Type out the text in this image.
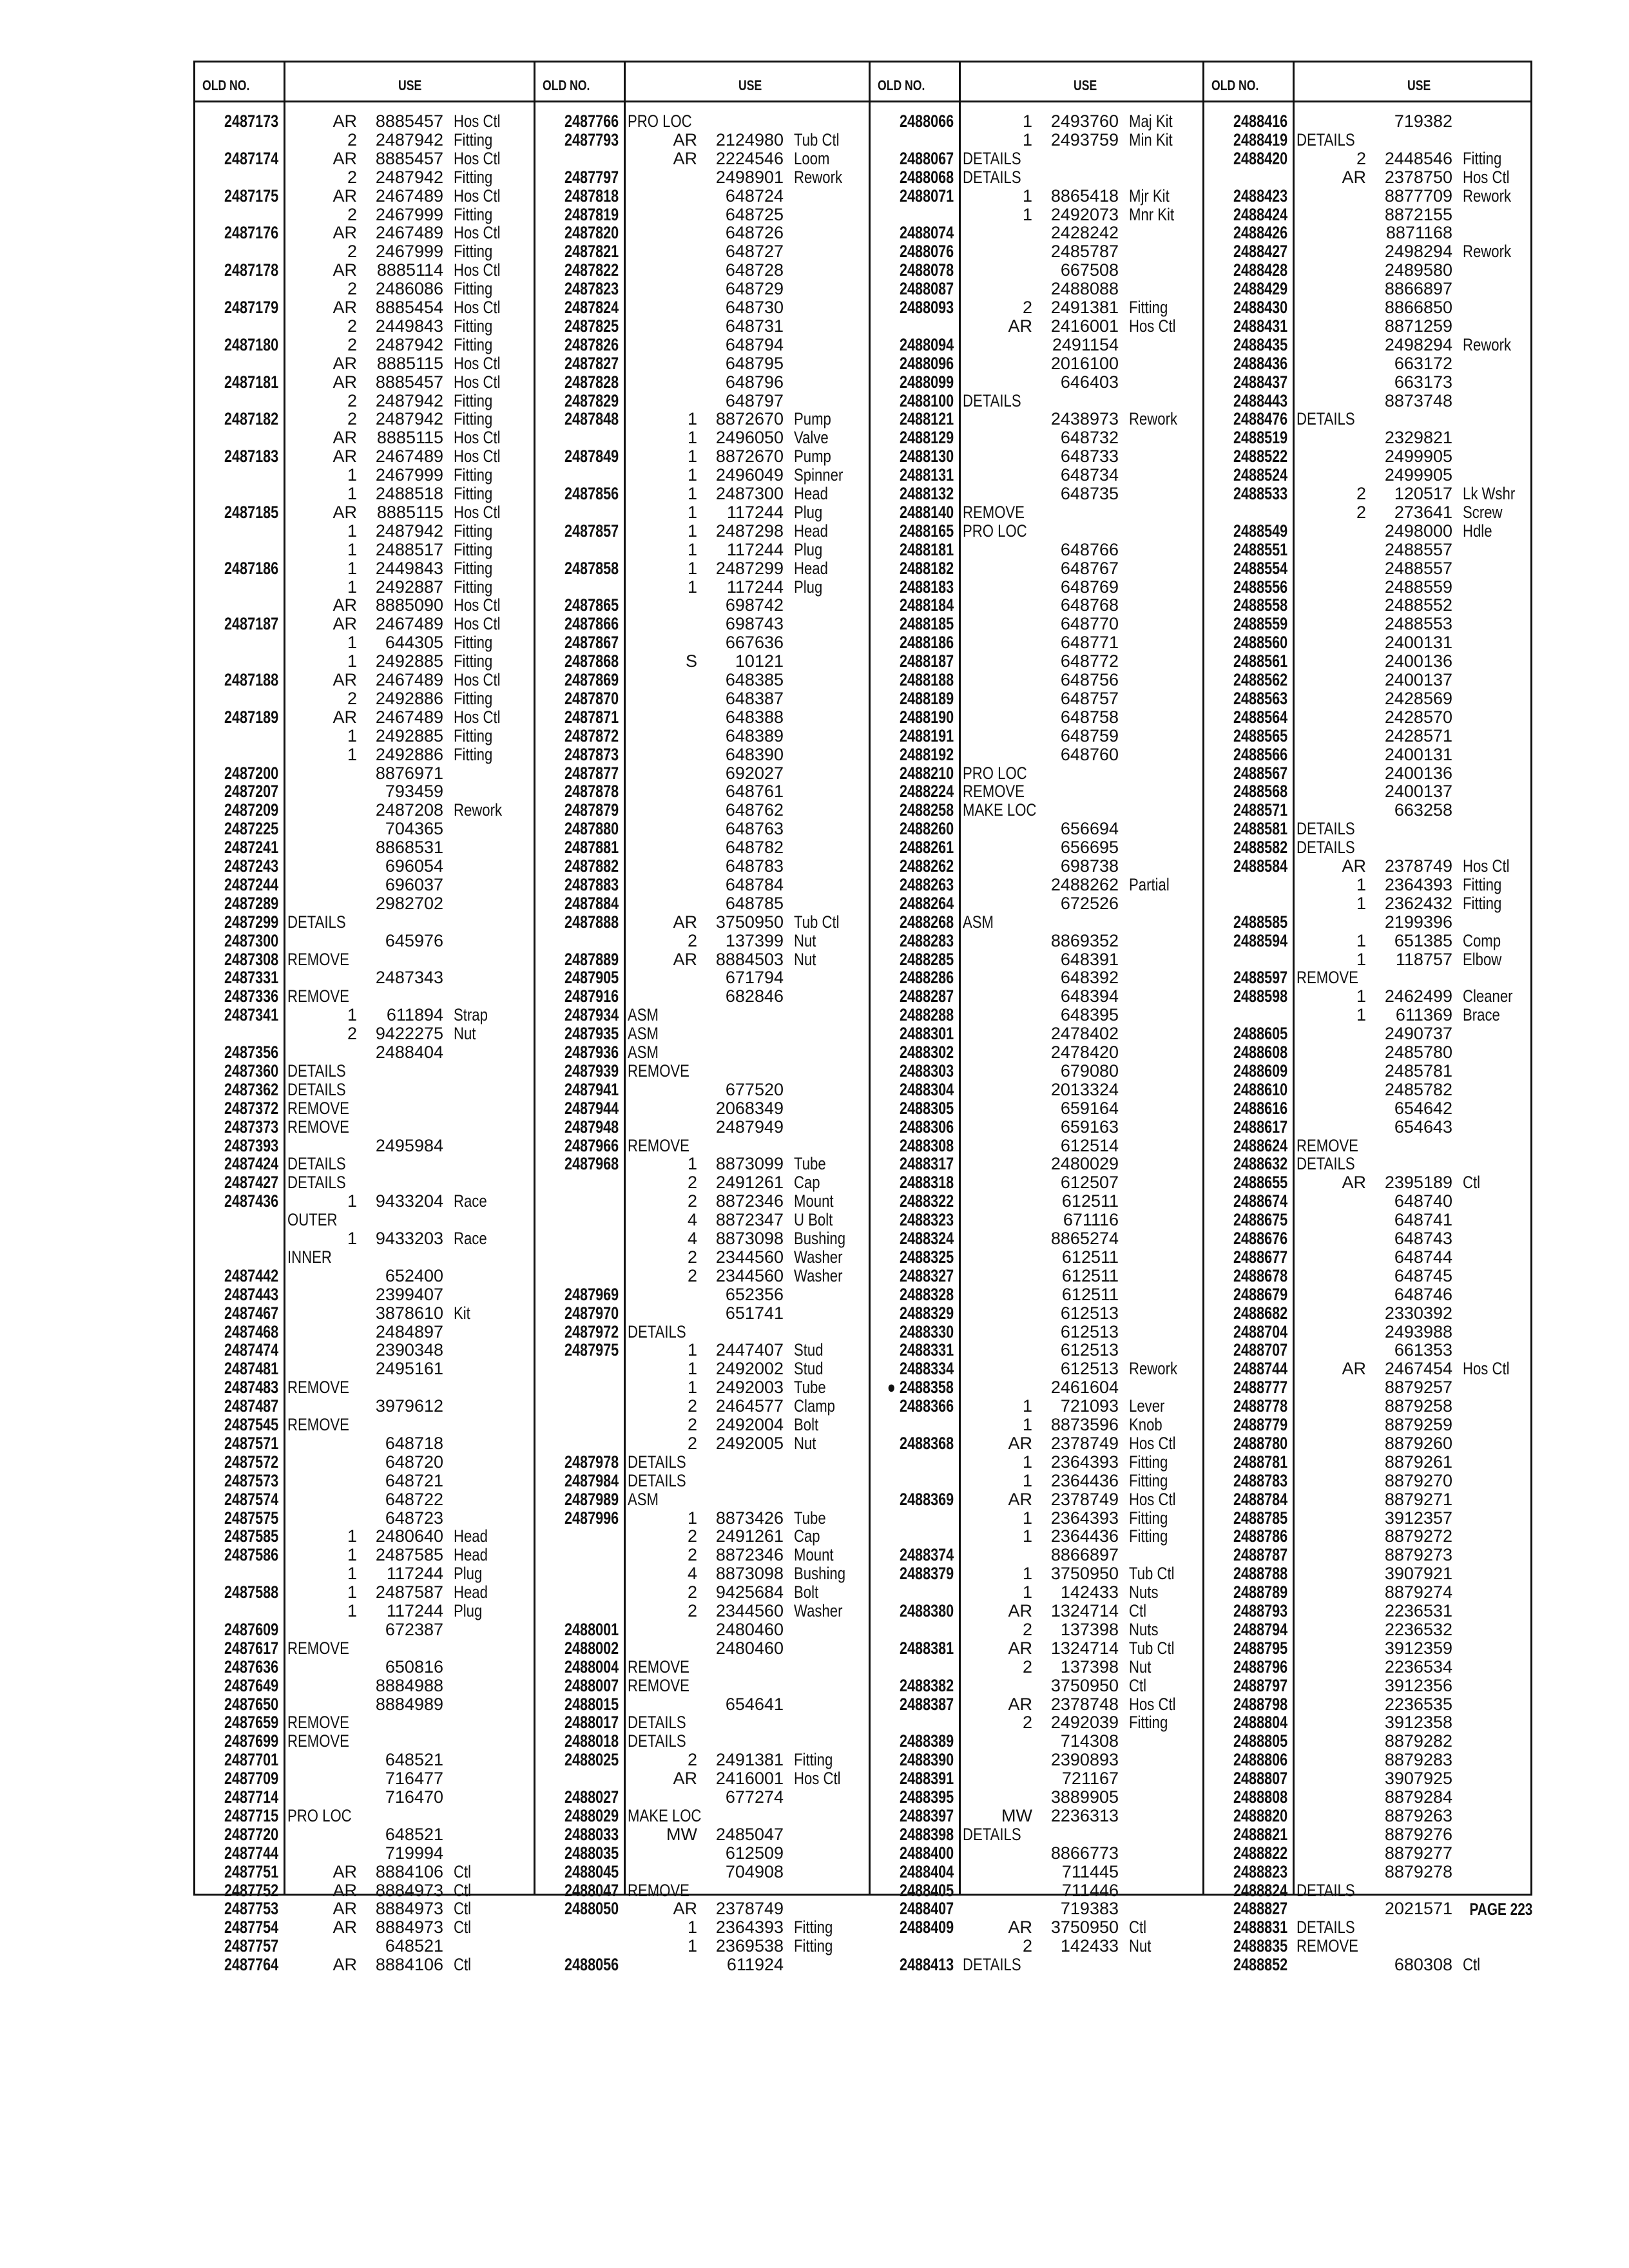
OLD NO.	USE	OLD NO.	USE	OLD NO.	USE	OLD NO.	USE
2487173	AR 8885457 Hos Ctl
2 2487942 Fitting
2487174	AR 8885457 Hos Ctl
2 2487942 Fitting
2487175	AR 2467489 Hos Ctl
2 2467999 Fitting
2487176	AR 2467489 Hos Ctl
2 2467999 Fitting
2487178	AR 8885114 Hos Ctl
2 2486086 Fitting
2487179	AR 8885454 Hos Ctl
2 2449843 Fitting
2487180	2 2487942 Fitting
AR 8885115 Hos Ctl
2487181	AR 8885457 Hos Ctl
2 2487942 Fitting
2487182	2 2487942 Fitting
AR 8885115 Hos Ctl
2487183	AR 2467489 Hos Ctl
1 2467999 Fitting
1 2488518 Fitting
2487185	AR 8885115 Hos Ctl
1 2487942 Fitting
1 2488517 Fitting
2487186	1 2449843 Fitting
1 2492887 Fitting
AR 8885090 Hos Ctl
2487187	AR 2467489 Hos Ctl
1 644305 Fitting
1 2492885 Fitting
2487188	AR 2467489 Hos Ctl
2 2492886 Fitting
2487189	AR 2467489 Hos Ctl
1 2492885 Fitting
1 2492886 Fitting
2487200	8876971
2487207	793459
2487209	2487208 Rework
2487225	704365
2487241	8868531
2487243	696054
2487244	696037
2487289	2982702
2487299 DETAILS
2487300	645976
2487308 REMOVE
2487331	2487343
2487336 REMOVE
2487341	1 611894 Strap
2 9422275 Nut
2487356	2488404
2487360 DETAILS
2487362 DETAILS
2487372 REMOVE
2487373 REMOVE
2487393	2495984
2487424 DETAILS
2487427 DETAILS
2487436	1 9433204 Race
OUTER
1 9433203 Race
INNER
2487442	652400
2487443	2399407
2487467	3878610 Kit
2487468	2484897
2487474	2390348
2487481	2495161
2487483 REMOVE
2487487	3979612
2487545 REMOVE
2487571	648718
2487572	648720
2487573	648721
2487574	648722
2487575	648723
2487585	1 2480640 Head
2487586	1 2487585 Head
1 117244 Plug
2487588	1 2487587 Head
1 117244 Plug
2487609	672387
2487617 REMOVE
2487636	650816
2487649	8884988
2487650	8884989
2487659 REMOVE
2487699 REMOVE
2487701	648521
2487709	716477
2487714	716470
2487715 PRO LOC
2487720	648521
2487744	719994
2487751	AR 8884106 Ctl
2487752	AR 8884973 Ctl
2487753	AR 8884973 Ctl
2487754	AR 8884973 Ctl
2487757	648521
2487764	AR 8884106 Ctl
2487766 PRO LOC
2487793	AR 2124980 Tub Ctl
AR 2224546 Loom
2487797	2498901 Rework
2487818	648724
2487819	648725
2487820	648726
2487821	648727
2487822	648728
2487823	648729
2487824	648730
2487825	648731
2487826	648794
2487827	648795
2487828	648796
2487829	648797
2487848	1 8872670 Pump
1 2496050 Valve
2487849	1 8872670 Pump
1 2496049 Spinner
2487856	1 2487300 Head
1 117244 Plug
2487857	1 2487298 Head
1 117244 Plug
2487858	1 2487299 Head
1 117244 Plug
2487865	698742
2487866	698743
2487867	667636
2487868	S 10121
2487869	648385
2487870	648387
2487871	648388
2487872	648389
2487873	648390
2487877	692027
2487878	648761
2487879	648762
2487880	648763
2487881	648782
2487882	648783
2487883	648784
2487884	648785
2487888	AR 3750950 Tub Ctl
2 137399 Nut
2487889	AR 8884503 Nut
2487905	671794
2487916	682846
2487934 ASM
2487935 ASM
2487936 ASM
2487939 REMOVE
2487941	677520
2487944	2068349
2487948	2487949
2487966 REMOVE
2487968	1 8873099 Tube
2 2491261 Cap
2 8872346 Mount
4 8872347 U Bolt
4 8873098 Bushing
2 2344560 Washer
2 2344560 Washer
2487969	652356
2487970	651741
2487972 DETAILS
2487975	1 2447407 Stud
1 2492002 Stud
1 2492003 Tube
2 2464577 Clamp
2 2492004 Bolt
2 2492005 Nut
2487978 DETAILS
2487984 DETAILS
2487989 ASM
2487996	1 8873426 Tube
2 2491261 Cap
2 8872346 Mount
4 8873098 Bushing
2 9425684 Bolt
2 2344560 Washer
2488001	2480460
2488002	2480460
2488004 REMOVE
2488007 REMOVE
2488015	654641
2488017 DETAILS
2488018 DETAILS
2488025	2 2491381 Fitting
AR 2416001 Hos Ctl
2488027	677274
2488029 MAKE LOC
2488033	MW 2485047
2488035	612509
2488045	704908
2488047 REMOVE
2488050	AR 2378749
1 2364393 Fitting
1 2369538 Fitting
2488056	611924
2488066	1 2493760 Maj Kit
1 2493759 Min Kit
2488067 DETAILS
2488068 DETAILS
2488071	1 8865418 Mjr Kit
1 2492073 Mnr Kit
2488074	2428242
2488076	2485787
2488078	667508
2488087	2488088
2488093	2 2491381 Fitting
AR 2416001 Hos Ctl
2488094	2491154
2488096	2016100
2488099	646403
2488100 DETAILS
2488121	2438973 Rework
2488129	648732
2488130	648733
2488131	648734
2488132	648735
2488140 REMOVE
2488165 PRO LOC
2488181	648766
2488182	648767
2488183	648769
2488184	648768
2488185	648770
2488186	648771
2488187	648772
2488188	648756
2488189	648757
2488190	648758
2488191	648759
2488192	648760
2488210 PRO LOC
2488224 REMOVE
2488258 MAKE LOC
2488260	656694
2488261	656695
2488262	698738
2488263	2488262 Partial
2488264	672526
2488268 ASM
2488283	8869352
2488285	648391
2488286	648392
2488287	648394
2488288	648395
2488301	2478402
2488302	2478420
2488303	679080
2488304	2013324
2488305	659164
2488306	659163
2488308	612514
2488317	2480029
2488318	612507
2488322	612511
2488323	671116
2488324	8865274
2488325	612511
2488327	612511
2488328	612511
2488329	612513
2488330	612513
2488331	612513
2488334	612513 Rework
● 2488358	2461604
2488366	1 721093 Lever
1 8873596 Knob
2488368	AR 2378749 Hos Ctl
1 2364393 Fitting
1 2364436 Fitting
2488369	AR 2378749 Hos Ctl
1 2364393 Fitting
1 2364436 Fitting
2488374	8866897
2488379	1 3750950 Tub Ctl
1 142433 Nuts
2488380	AR 1324714 Ctl
2 137398 Nuts
2488381	AR 1324714 Tub Ctl
2 137398 Nut
2488382	3750950 Ctl
2488387	AR 2378748 Hos Ctl
2 2492039 Fitting
2488389	714308
2488390	2390893
2488391	721167
2488395	3889905
2488397	MW 2236313
2488398 DETAILS
2488400	8866773
2488404	711445
2488405	711446
2488407	719383
2488409	AR 3750950 Ctl
2 142433 Nut
2488413 DETAILS
2488416	719382
2488419 DETAILS
2488420	2 2448546 Fitting
AR 2378750 Hos Ctl
2488423	8877709 Rework
2488424	8872155
2488426	8871168
2488427	2498294 Rework
2488428	2489580
2488429	8866897
2488430	8866850
2488431	8871259
2488435	2498294 Rework
2488436	663172
2488437	663173
2488443	8873748
2488476 DETAILS
2488519	2329821
2488522	2499905
2488524	2499905
2488533	2 120517 Lk Wshr
2 273641 Screw
2488549	2498000 Hdle
2488551	2488557
2488554	2488557
2488556	2488559
2488558	2488552
2488559	2488553
2488560	2400131
2488561	2400136
2488562	2400137
2488563	2428569
2488564	2428570
2488565	2428571
2488566	2400131
2488567	2400136
2488568	2400137
2488571	663258
2488581 DETAILS
2488582 DETAILS
2488584	AR 2378749 Hos Ctl
1 2364393 Fitting
1 2362432 Fitting
2488585	2199396
2488594	1 651385 Comp
1 118757 Elbow
2488597 REMOVE
2488598	1 2462499 Cleaner
1 611369 Brace
2488605	2490737
2488608	2485780
2488609	2485781
2488610	2485782
2488616	654642
2488617	654643
2488624 REMOVE
2488632 DETAILS
2488655	AR 2395189 Ctl
2488674	648740
2488675	648741
2488676	648743
2488677	648744
2488678	648745
2488679	648746
2488682	2330392
2488704	2493988
2488707	661353
2488744	AR 2467454 Hos Ctl
2488777	8879257
2488778	8879258
2488779	8879259
2488780	8879260
2488781	8879261
2488783	8879270
2488784	8879271
2488785	3912357
2488786	8879272
2488787	8879273
2488788	3907921
2488789	8879274
2488793	2236531
2488794	2236532
2488795	3912359
2488796	2236534
2488797	3912356
2488798	2236535
2488804	3912358
2488805	8879282
2488806	8879283
2488807	3907925
2488808	8879284
2488820	8879263
2488821	8879276
2488822	8879277
2488823	8879278
2488824 DETAILS
2488827	2021571
2488831 DETAILS
2488835 REMOVE
2488852	680308 Ctl
PAGE 223
